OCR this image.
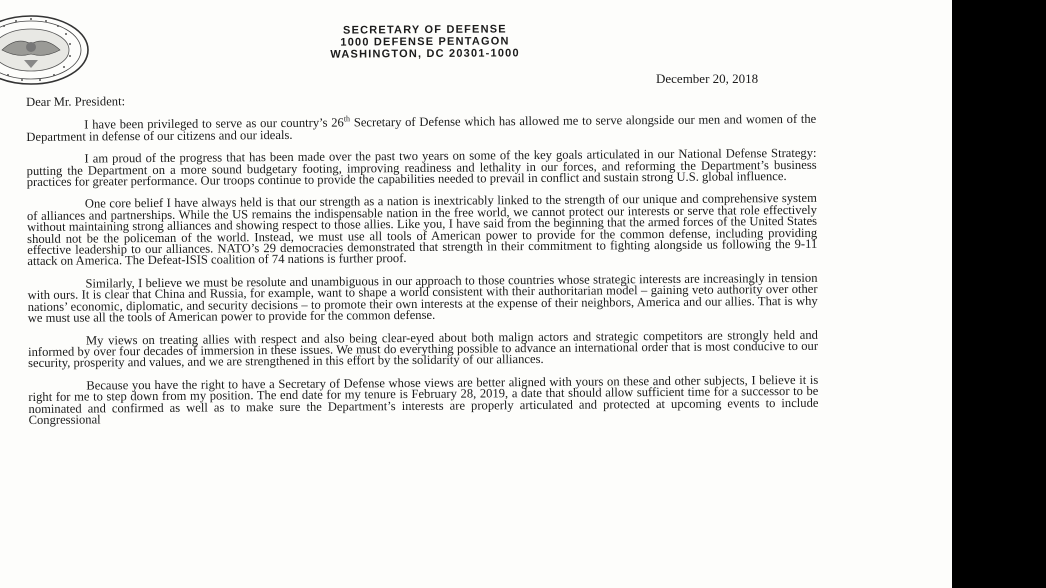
SECRETARY OF DEFENSE
1000 DEFENSE PENTAGON
WASHINGTON, DC 20301-1000
December 20, 2018

Dear Mr. President:

I have been privileged to serve as our country’s 26th Secretary of Defense which has allowed me to serve alongside our men and women of the Department in defense of our citizens and our ideals.

I am proud of the progress that has been made over the past two years on some of the key goals articulated in our National Defense Strategy: putting the Department on a more sound budgetary footing, improving readiness and lethality in our forces, and reforming the Department’s business practices for greater performance. Our troops continue to provide the capabilities needed to prevail in conflict and sustain strong U.S. global influence.

One core belief I have always held is that our strength as a nation is inextricably linked to the strength of our unique and comprehensive system of alliances and partnerships. While the US remains the indispensable nation in the free world, we cannot protect our interests or serve that role effectively without maintaining strong alliances and showing respect to those allies. Like you, I have said from the beginning that the armed forces of the United States should not be the policeman of the world. Instead, we must use all tools of American power to provide for the common defense, including providing effective leadership to our alliances. NATO’s 29 democracies demonstrated that strength in their commitment to fighting alongside us following the 9-11 attack on America. The Defeat-ISIS coalition of 74 nations is further proof.

Similarly, I believe we must be resolute and unambiguous in our approach to those countries whose strategic interests are increasingly in tension with ours. It is clear that China and Russia, for example, want to shape a world consistent with their authoritarian model – gaining veto authority over other nations’ economic, diplomatic, and security decisions – to promote their own interests at the expense of their neighbors, America and our allies. That is why we must use all the tools of American power to provide for the common defense.

My views on treating allies with respect and also being clear-eyed about both malign actors and strategic competitors are strongly held and informed by over four decades of immersion in these issues. We must do everything possible to advance an international order that is most conducive to our security, prosperity and values, and we are strengthened in this effort by the solidarity of our alliances.

Because you have the right to have a Secretary of Defense whose views are better aligned with yours on these and other subjects, I believe it is right for me to step down from my position. The end date for my tenure is February 28, 2019, a date that should allow sufficient time for a successor to be nominated and confirmed as well as to make sure the Department’s interests are properly articulated and protected at upcoming events to include Congressional
